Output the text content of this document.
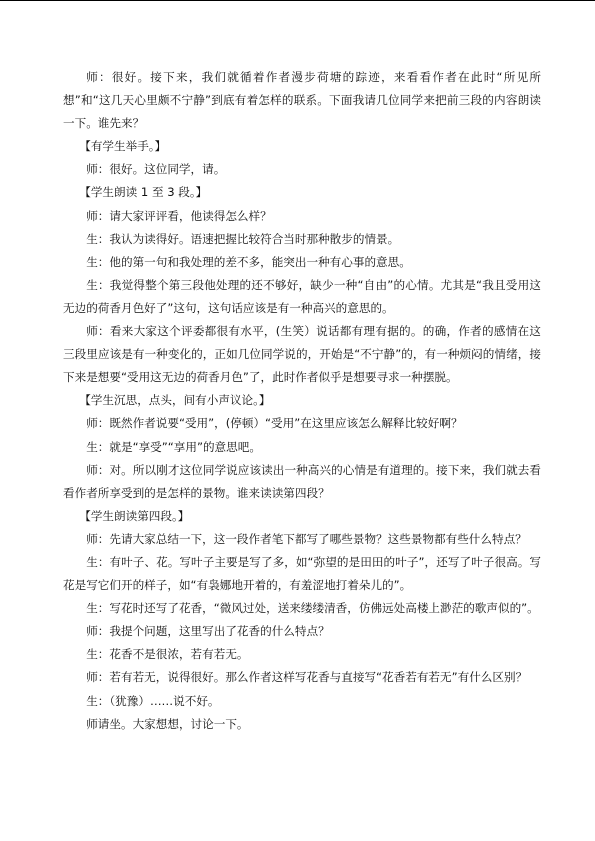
师：很好。接下来，我们就循着作者漫步荷塘的踪迹，来看看作者在此时“所见所想”和“这几天心里颇不宁静”到底有着怎样的联系。下面我请几位同学来把前三段的内容朗读一下。谁先来？

【有学生举手。】

师：很好。这位同学，请。

【学生朗读 1 至 3 段。】

师：请大家评评看，他读得怎么样？

生：我认为读得好。语速把握比较符合当时那种散步的情景。

生：他的第一句和我处理的差不多，能突出一种有心事的意思。

生：我觉得整个第三段他处理的还不够好，缺少一种“自由”的心情。尤其是“我且受用这无边的荷香月色好了”这句，这句话应该是有一种高兴的意思的。

师：看来大家这个评委都很有水平，(生笑）说话都有理有据的。的确，作者的感情在这三段里应该是有一种变化的，正如几位同学说的，开始是“不宁静”的，有一种烦闷的情绪，接下来是想要“受用这无边的荷香月色”了，此时作者似乎是想要寻求一种摆脱。

【学生沉思，点头，间有小声议论。】

师：既然作者说要“受用”，(停顿）“受用”在这里应该怎么解释比较好啊？

生：就是“享受”“享用”的意思吧。

师：对。所以刚才这位同学说应该读出一种高兴的心情是有道理的。接下来，我们就去看看作者所享受到的是怎样的景物。谁来读读第四段？

【学生朗读第四段。】

师：先请大家总结一下，这一段作者笔下都写了哪些景物？这些景物都有些什么特点？

生：有叶子、花。写叶子主要是写了多，如“弥望的是田田的叶子”，还写了叶子很高。写花是写它们开的样子，如“有袅娜地开着的，有羞涩地打着朵儿的”。

生：写花时还写了花香，“微风过处，送来缕缕清香，仿佛远处高楼上渺茫的歌声似的”。

师：我提个问题，这里写出了花香的什么特点？

生：花香不是很浓，若有若无。

师：若有若无，说得很好。那么作者这样写花香与直接写“花香若有若无”有什么区别？

生：（犹豫）……说不好。

师请坐。大家想想，讨论一下。
